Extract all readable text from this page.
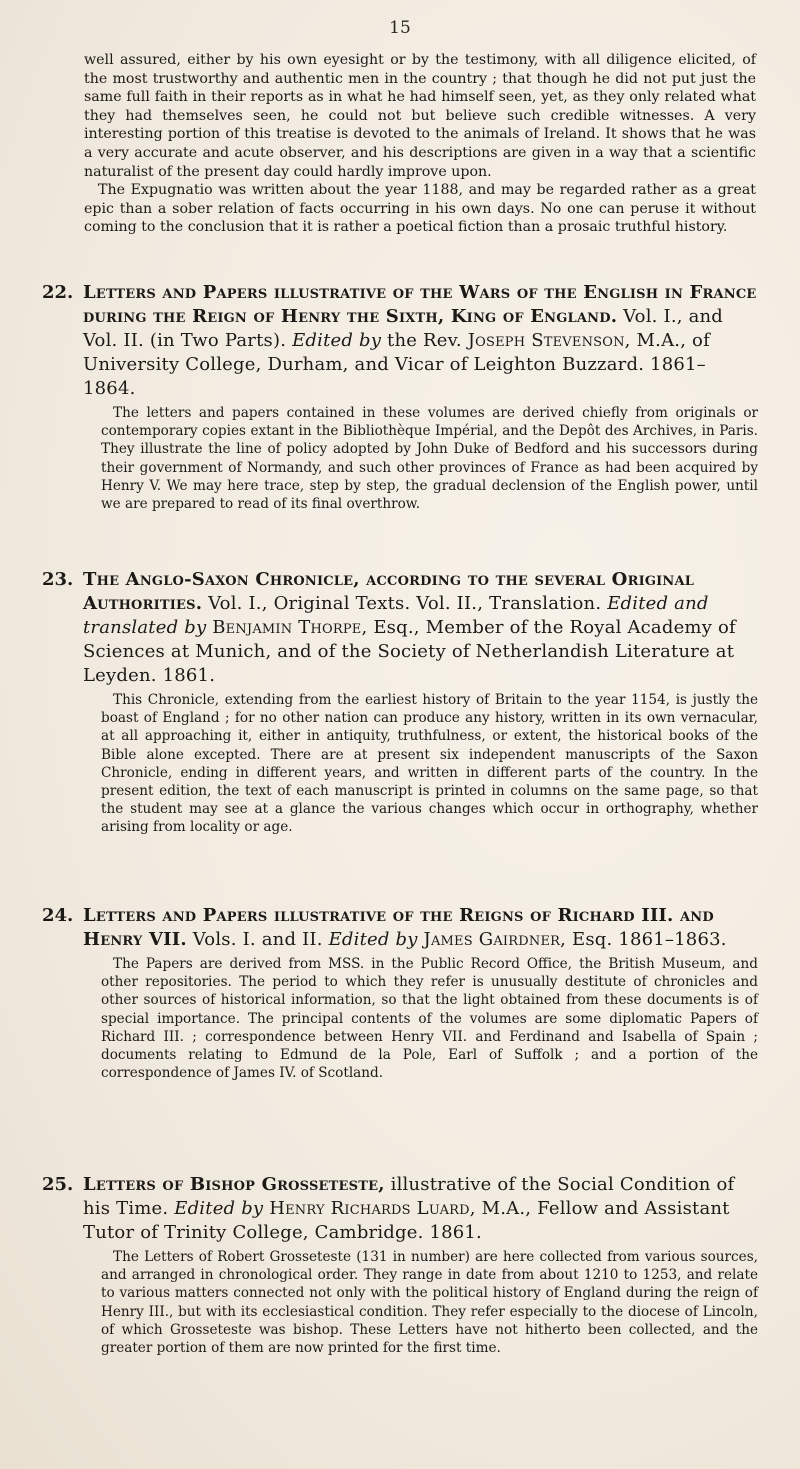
15

well assured, either by his own eyesight or by the testimony, with all diligence elicited, of the most trustworthy and authentic men in the country ; that though he did not put just the same full faith in their reports as in what he had himself seen, yet, as they only related what they had themselves seen, he could not but believe such credible witnesses. A very interesting portion of this treatise is devoted to the animals of Ireland. It shows that he was a very accurate and acute observer, and his descriptions are given in a way that a scientific naturalist of the present day could hardly improve upon.

The Expugnatio was written about the year 1188, and may be regarded rather as a great epic than a sober relation of facts occurring in his own days. No one can peruse it without coming to the conclusion that it is rather a poetical fiction than a prosaic truthful history.

22. Letters and Papers illustrative of the Wars of the English in France during the Reign of Henry the Sixth, King of England. Vol. I., and Vol. II. (in Two Parts). Edited by the Rev. Joseph Stevenson, M.A., of University College, Durham, and Vicar of Leighton Buzzard. 1861–1864.
The letters and papers contained in these volumes are derived chiefly from originals or contemporary copies extant in the Bibliothèque Impérial, and the Depôt des Archives, in Paris. They illustrate the line of policy adopted by John Duke of Bedford and his successors during their government of Normandy, and such other provinces of France as had been acquired by Henry V. We may here trace, step by step, the gradual declension of the English power, until we are prepared to read of its final overthrow.
23. The Anglo-Saxon Chronicle, according to the several Original Authorities. Vol. I., Original Texts. Vol. II., Translation. Edited and translated by Benjamin Thorpe, Esq., Member of the Royal Academy of Sciences at Munich, and of the Society of Netherlandish Literature at Leyden. 1861.
This Chronicle, extending from the earliest history of Britain to the year 1154, is justly the boast of England ; for no other nation can produce any history, written in its own vernacular, at all approaching it, either in antiquity, truthfulness, or extent, the historical books of the Bible alone excepted. There are at present six independent manuscripts of the Saxon Chronicle, ending in different years, and written in different parts of the country. In the present edition, the text of each manuscript is printed in columns on the same page, so that the student may see at a glance the various changes which occur in orthography, whether arising from locality or age.
24. Letters and Papers illustrative of the Reigns of Richard III. and Henry VII. Vols. I. and II. Edited by James Gairdner, Esq. 1861–1863.
The Papers are derived from MSS. in the Public Record Office, the British Museum, and other repositories. The period to which they refer is unusually destitute of chronicles and other sources of historical information, so that the light obtained from these documents is of special importance. The principal contents of the volumes are some diplomatic Papers of Richard III. ; correspondence between Henry VII. and Ferdinand and Isabella of Spain ; documents relating to Edmund de la Pole, Earl of Suffolk ; and a portion of the correspondence of James IV. of Scotland.
25. Letters of Bishop Grosseteste, illustrative of the Social Condition of his Time. Edited by Henry Richards Luard, M.A., Fellow and Assistant Tutor of Trinity College, Cambridge. 1861.
The Letters of Robert Grosseteste (131 in number) are here collected from various sources, and arranged in chronological order. They range in date from about 1210 to 1253, and relate to various matters connected not only with the political history of England during the reign of Henry III., but with its ecclesiastical condition. They refer especially to the diocese of Lincoln, of which Grosseteste was bishop. These Letters have not hitherto been collected, and the greater portion of them are now printed for the first time.
